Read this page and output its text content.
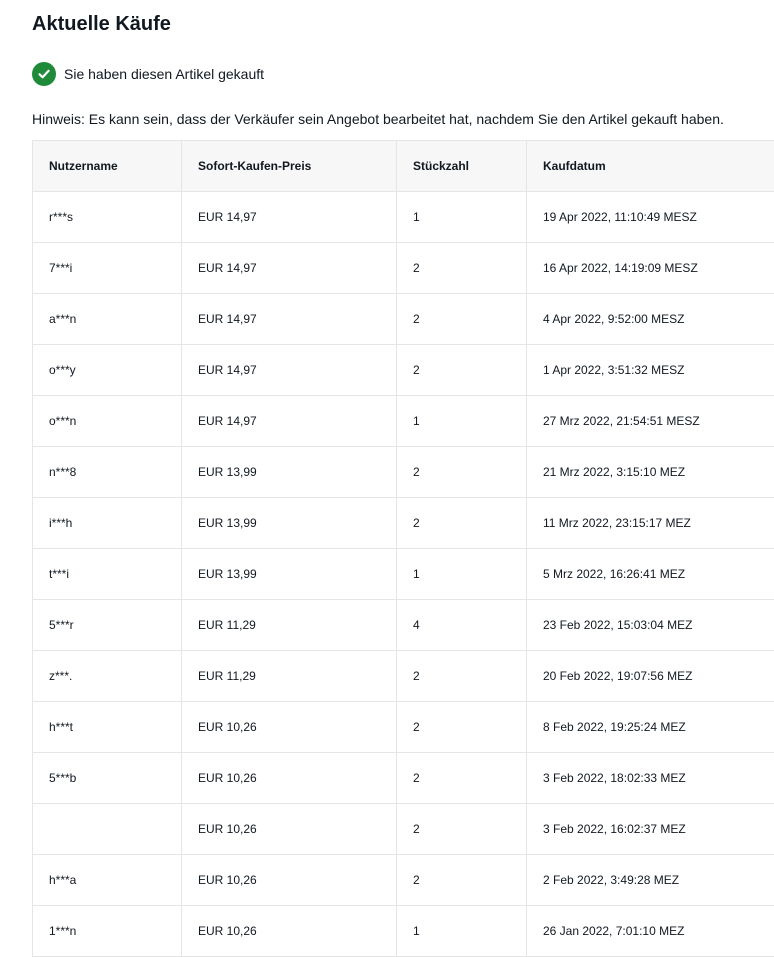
Aktuelle Käufe
Sie haben diesen Artikel gekauft
Hinweis: Es kann sein, dass der Verkäufer sein Angebot bearbeitet hat, nachdem Sie den Artikel gekauft haben.
Nutzername	Sofort-Kaufen-Preis	Stückzahl	Kaufdatum
r***s	EUR 14,97	1	19 Apr 2022, 11:10:49 MESZ
7***i	EUR 14,97	2	16 Apr 2022, 14:19:09 MESZ
a***n	EUR 14,97	2	4 Apr 2022, 9:52:00 MESZ
o***y	EUR 14,97	2	1 Apr 2022, 3:51:32 MESZ
o***n	EUR 14,97	1	27 Mrz 2022, 21:54:51 MESZ
n***8	EUR 13,99	2	21 Mrz 2022, 3:15:10 MEZ
i***h	EUR 13,99	2	11 Mrz 2022, 23:15:17 MEZ
t***i	EUR 13,99	1	5 Mrz 2022, 16:26:41 MEZ
5***r	EUR 11,29	4	23 Feb 2022, 15:03:04 MEZ
z***.	EUR 11,29	2	20 Feb 2022, 19:07:56 MEZ
h***t	EUR 10,26	2	8 Feb 2022, 19:25:24 MEZ
5***b	EUR 10,26	2	3 Feb 2022, 18:02:33 MEZ
	EUR 10,26	2	3 Feb 2022, 16:02:37 MEZ
h***a	EUR 10,26	2	2 Feb 2022, 3:49:28 MEZ
1***n	EUR 10,26	1	26 Jan 2022, 7:01:10 MEZ
